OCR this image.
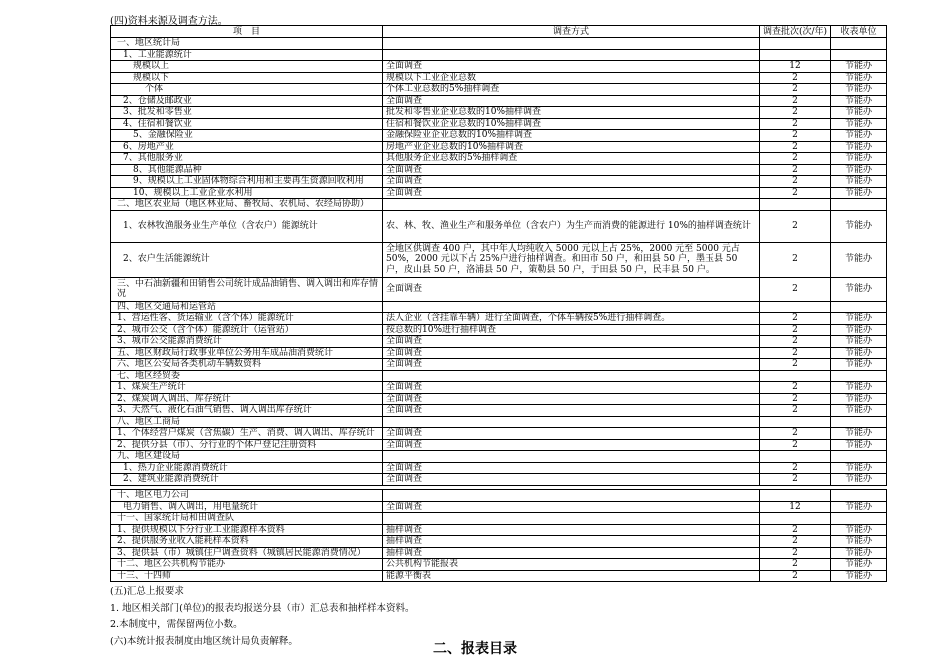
(四)资料来源及调查方法。
项　目	调查方式	调查批次(次/年)	收表单位
一、地区统计局			
1、工业能源统计			
规模以上	全面调查	12	节能办
规模以下	规模以下工业企业总数	2	节能办
个体	个体工业总数的5%抽样调查	2	节能办
2、仓储及邮政业	全面调查	2	节能办
3、批发和零售业	批发和零售业企业总数的10%抽样调查	2	节能办
4、住宿和餐饮业	住宿和餐饮业企业总数的10%抽样调查	2	节能办
5、金融保险业	金融保险业企业总数的10%抽样调查	2	节能办
6、房地产业	房地产业企业总数的10%抽样调查	2	节能办
7、其他服务业	其他服务企业总数的5%抽样调查	2	节能办
8、其他能源品种	全面调查	2	节能办
9、规模以上工业固体物综合利用和主要再生资源回收利用	全面调查	2	节能办
10、规模以上工业企业水利用	全面调查	2	节能办
二、地区农业局（地区林业局、畜牧局、农机局、农经局协助）			
1、农林牧渔服务业生产单位（含农户）能源统计	农、林、牧、渔业生产和服务单位（含农户）为生产而消费的能源进行 10%的抽样调查统计	2	节能办
2、农户生活能源统计	全地区供调查 400 户，其中年人均纯收入 5000 元以上占 25%，2000 元至 5000 元占 50%，2000 元以下占 25%户进行抽样调查。和田市 50 户，和田县 50 户，墨玉县 50 户，皮山县 50 户，洛浦县 50 户，策勒县 50 户，于田县 50 户，民丰县 50 户。	2	节能办
三、中石油新疆和田销售公司统计成品油销售、调入调出和库存情况	全面调查	2	节能办
四、地区交通局和运管站			
1、营运性客、货运输业（含个体）能源统计	法人企业（含挂靠车辆）进行全面调查，个体车辆按5%进行抽样调查。	2	节能办
2、城市公交（含个体）能源统计（运管站）	按总数的10%进行抽样调查	2	节能办
3、城市公交能源消费统计	全面调查	2	节能办
五、地区财政局行政事业单位公务用车成品油消费统计	全面调查	2	节能办
六、地区公安局各类机动车辆数资料	全面调查	2	节能办
七、地区经贸委			
1、煤炭生产统计	全面调查	2	节能办
2、煤炭调入调出、库存统计	全面调查	2	节能办
3、天然气、液化石油气销售、调入调出库存统计	全面调查	2	节能办
八、地区工商局			
1、个体经营户煤炭（含焦碳）生产、消费、调入调出、库存统计	全面调查	2	节能办
2、提供分县（市）、分行业的个体户登记注册资料	全面调查	2	节能办
九、地区建设局			
1、热力企业能源消费统计	全面调查	2	节能办
2、建筑业能源消费统计	全面调查	2	节能办
十、地区电力公司			
电力销售、调入调出，用电量统计	全面调查	12	节能办
十一、国家统计局和田调查队			
1、提供规模以下分行业工业能源样本资料	抽样调查	2	节能办
2、提供服务业收入能耗样本资料	抽样调查	2	节能办
3、提供县（市）城镇住户调查资料（城镇居民能源消费情况）	抽样调查	2	节能办
十二、地区公共机构节能办	公共机构节能报表	2	节能办
十三、十四师	能源平衡表	2	节能办
(五)汇总上报要求
1. 地区相关部门(单位)的报表均报送分县（市）汇总表和抽样样本资料。
2.本制度中，需保留两位小数。
(六)本统计报表制度由地区统计局负责解释。	二、报表目录
